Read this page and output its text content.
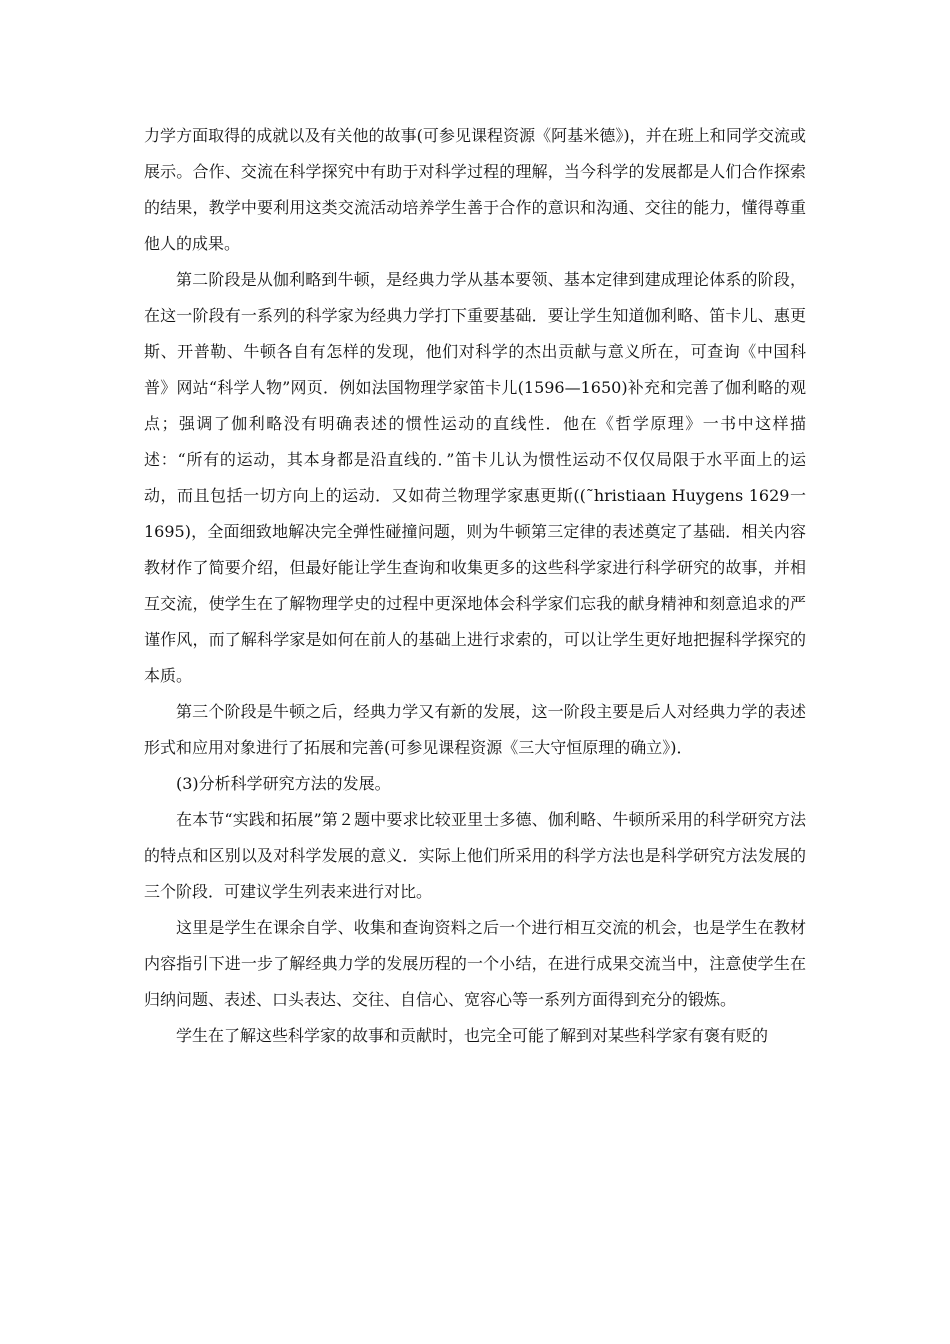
力学方面取得的成就以及有关他的故事(可参见课程资源《阿基米德》)，并在班上和同学交流或展示。合作、交流在科学探究中有助于对科学过程的理解，当今科学的发展都是人们合作探索的结果，教学中要利用这类交流活动培养学生善于合作的意识和沟通、交往的能力，懂得尊重他人的成果。

第二阶段是从伽利略到牛顿，是经典力学从基本要领、基本定律到建成理论体系的阶段，在这一阶段有一系列的科学家为经典力学打下重要基础．要让学生知道伽利略、笛卡儿、惠更斯、开普勒、牛顿各自有怎样的发现，他们对科学的杰出贡献与意义所在，可查询《中国科普》网站“科学人物”网页．例如法国物理学家笛卡儿(1596—1650)补充和完善了伽利略的观点；强调了伽利略没有明确表述的惯性运动的直线性．他在《哲学原理》一书中这样描述：“所有的运动，其本身都是沿直线的．”笛卡儿认为惯性运动不仅仅局限于水平面上的运动，而且包括一切方向上的运动．又如荷兰物理学家惠更斯((˜hristiaan Huygens 1629一1695)，全面细致地解决完全弹性碰撞问题，则为牛顿第三定律的表述奠定了基础．相关内容教材作了简要介绍，但最好能让学生查询和收集更多的这些科学家进行科学研究的故事，并相互交流，使学生在了解物理学史的过程中更深地体会科学家们忘我的献身精神和刻意追求的严谨作风，而了解科学家是如何在前人的基础上进行求索的，可以让学生更好地把握科学探究的本质。

第三个阶段是牛顿之后，经典力学又有新的发展，这一阶段主要是后人对经典力学的表述形式和应用对象进行了拓展和完善(可参见课程资源《三大守恒原理的确立》)．

(3)分析科学研究方法的发展。

在本节“实践和拓展”第２题中要求比较亚里士多德、伽利略、牛顿所采用的科学研究方法的特点和区别以及对科学发展的意义．实际上他们所采用的科学方法也是科学研究方法发展的三个阶段．可建议学生列表来进行对比。

这里是学生在课余自学、收集和查询资料之后一个进行相互交流的机会，也是学生在教材内容指引下进一步了解经典力学的发展历程的一个小结，在进行成果交流当中，注意使学生在归纳问题、表述、口头表达、交往、自信心、宽容心等一系列方面得到充分的锻炼。

学生在了解这些科学家的故事和贡献时，也完全可能了解到对某些科学家有褒有贬的
